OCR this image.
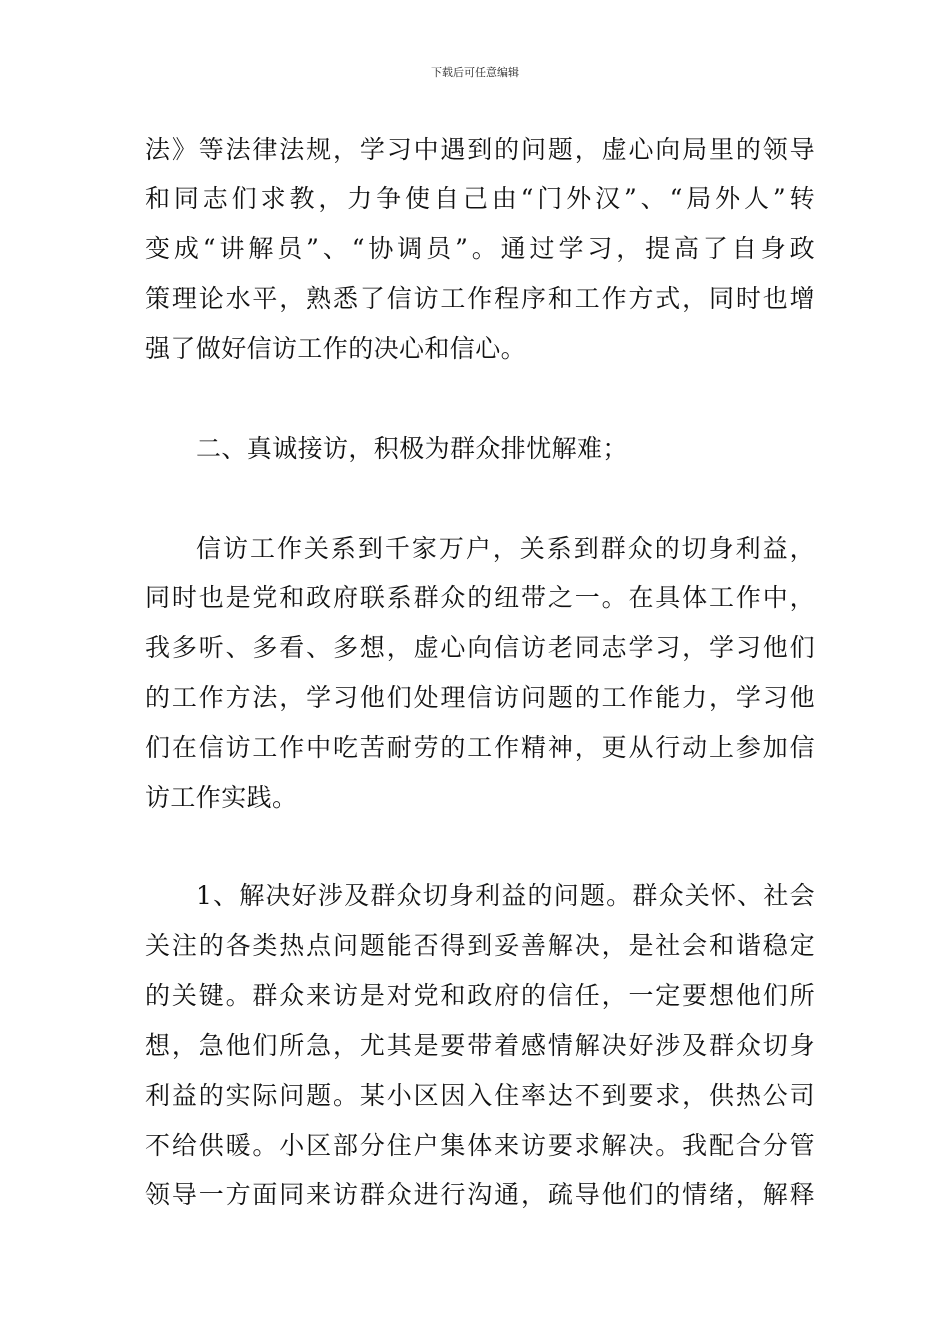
下载后可任意编辑
法》等法律法规，学习中遇到的问题，虚心向局里的领导
和同志们求教，力争使自己由“门外汉”、“局外人”转
变成“讲解员”、“协调员”。通过学习，提高了自身政
策理论水平，熟悉了信访工作程序和工作方式，同时也增
强了做好信访工作的决心和信心。
二、真诚接访，积极为群众排忧解难；
信访工作关系到千家万户，关系到群众的切身利益，
同时也是党和政府联系群众的纽带之一。在具体工作中，
我多听、多看、多想，虚心向信访老同志学习，学习他们
的工作方法，学习他们处理信访问题的工作能力，学习他
们在信访工作中吃苦耐劳的工作精神，更从行动上参加信
访工作实践。
1、解决好涉及群众切身利益的问题。群众关怀、社会
关注的各类热点问题能否得到妥善解决，是社会和谐稳定
的关键。群众来访是对党和政府的信任，一定要想他们所
想，急他们所急，尤其是要带着感情解决好涉及群众切身
利益的实际问题。某小区因入住率达不到要求，供热公司
不给供暖。小区部分住户集体来访要求解决。我配合分管
领导一方面同来访群众进行沟通，疏导他们的情绪，解释
